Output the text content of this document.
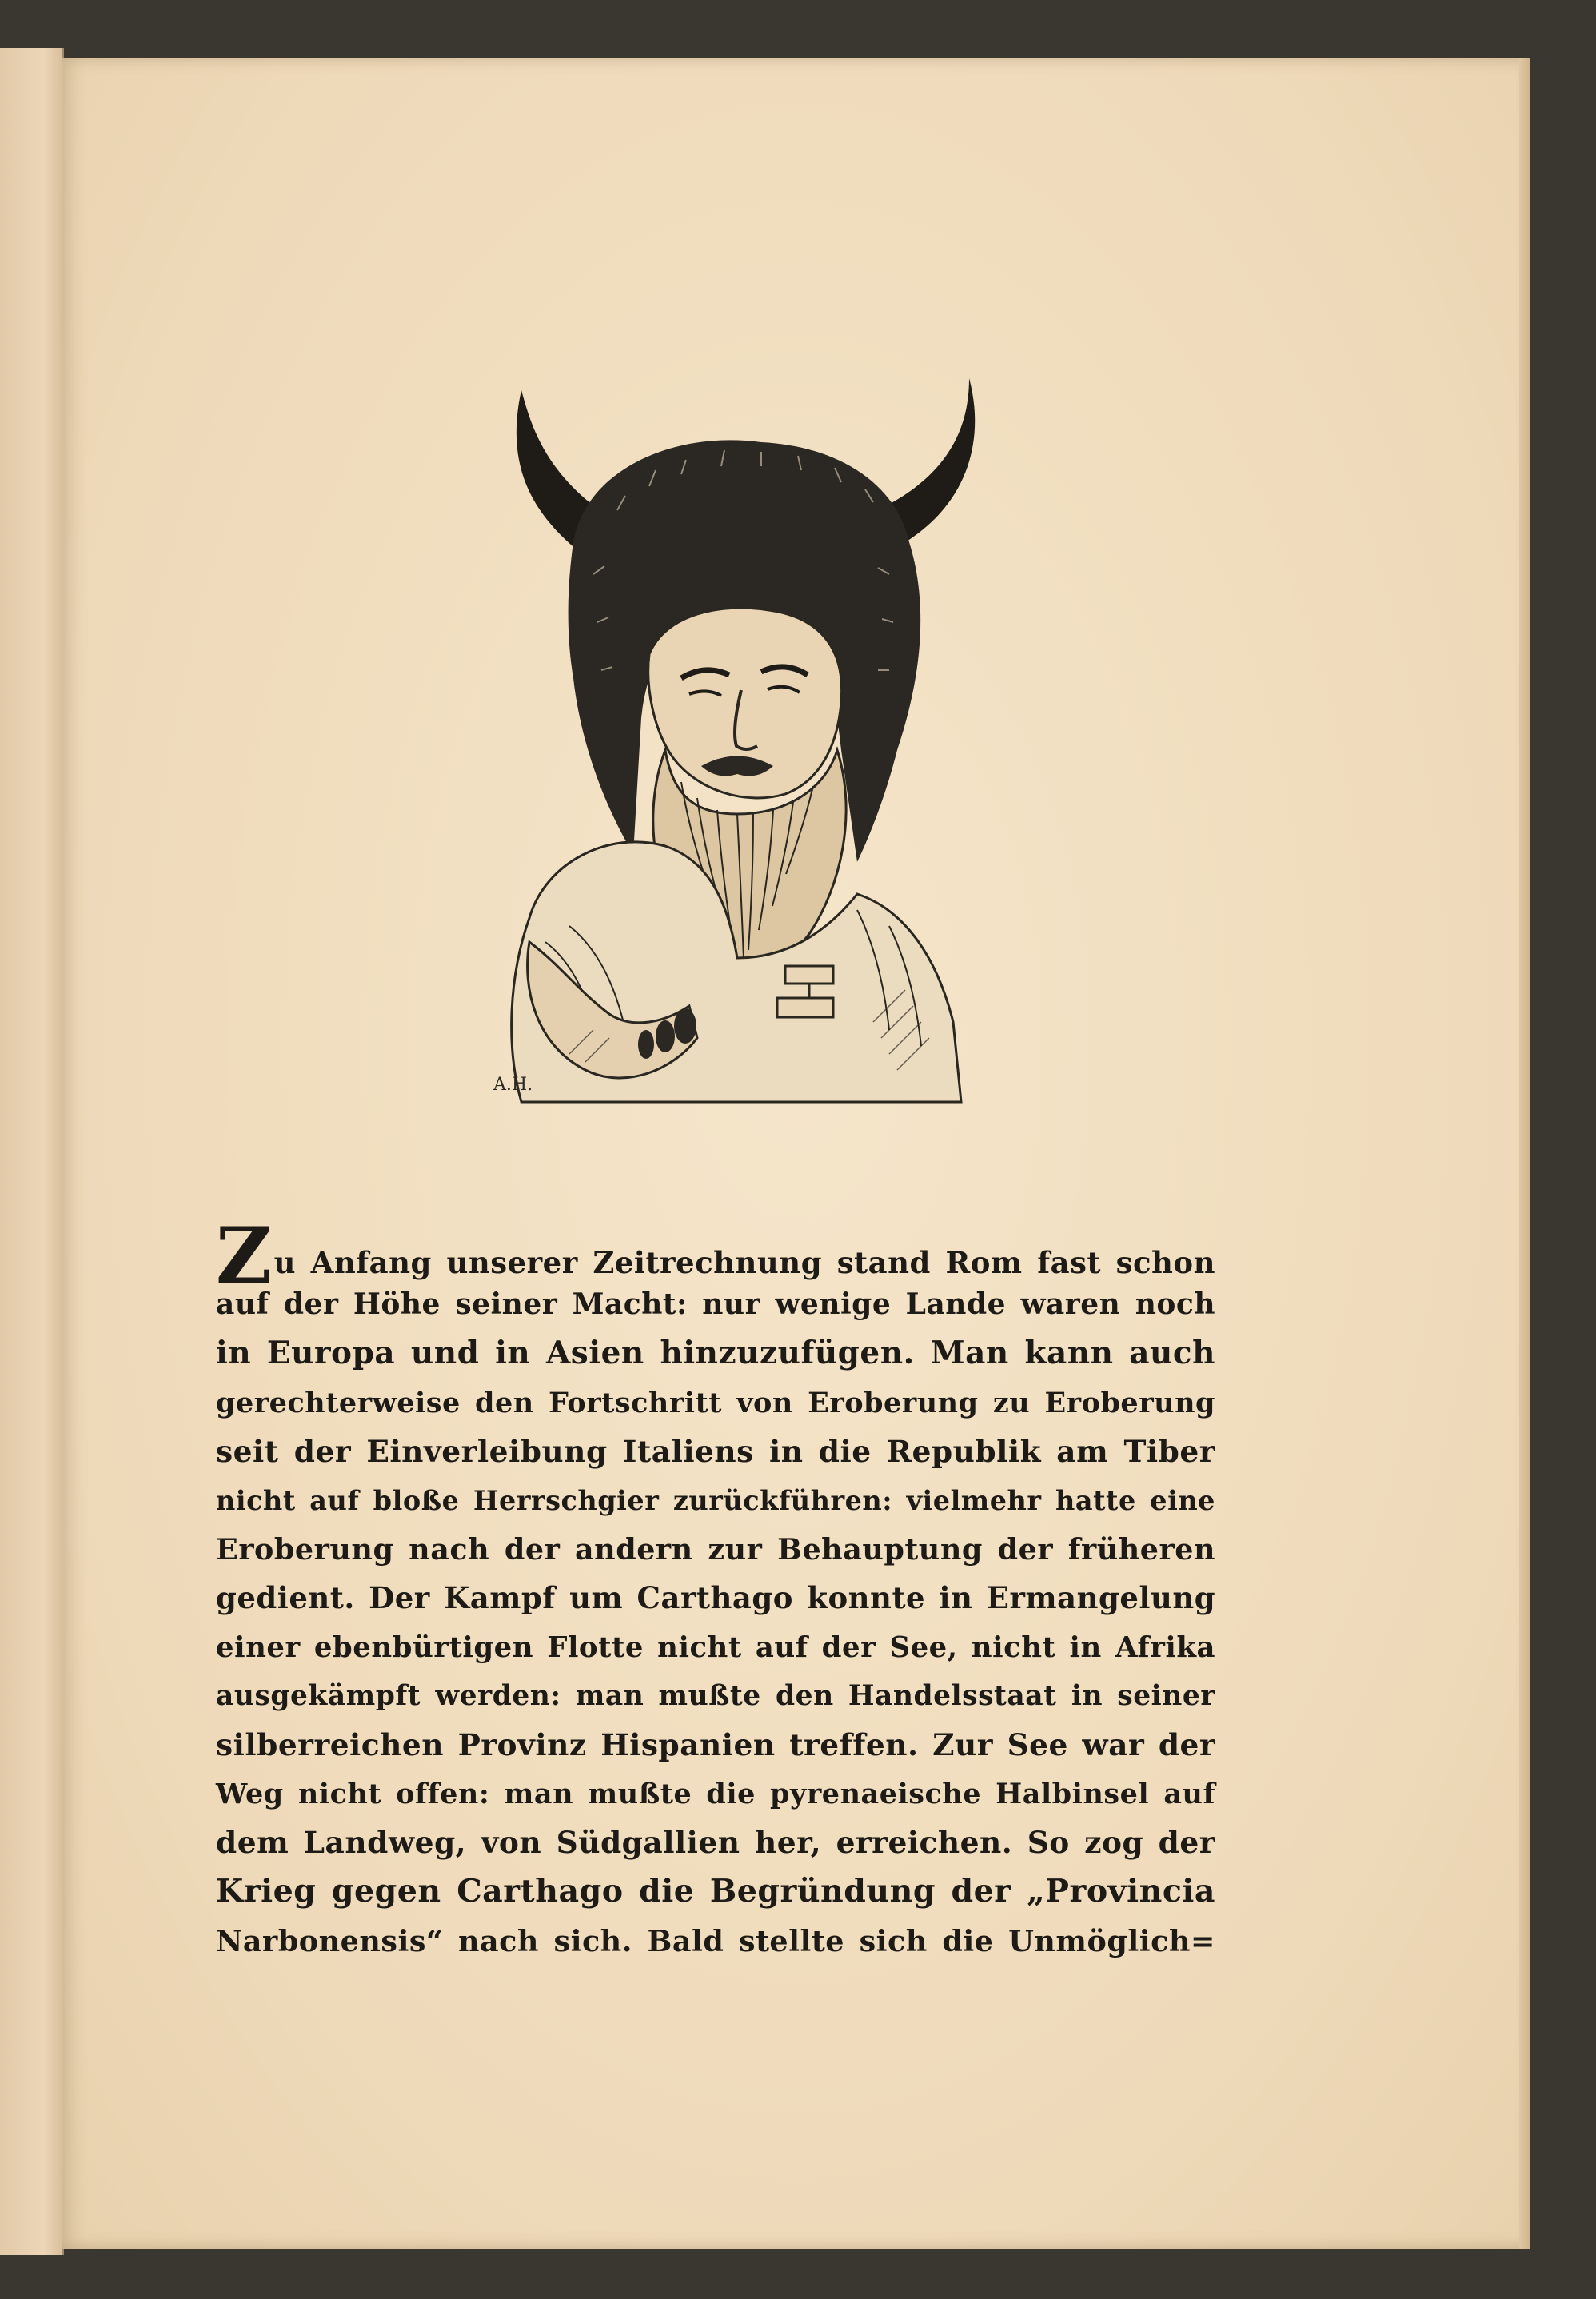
A.H.
Zu Anfang unserer Zeitrechnung stand Rom fast schon
auf der Höhe seiner Macht: nur wenige Lande waren noch
in Europa und in Asien hinzuzufügen. Man kann auch
gerechterweise den Fortschritt von Eroberung zu Eroberung
seit der Einverleibung Italiens in die Republik am Tiber
nicht auf bloße Herrschgier zurückführen: vielmehr hatte eine
Eroberung nach der andern zur Behauptung der früheren
gedient. Der Kampf um Carthago konnte in Ermangelung
einer ebenbürtigen Flotte nicht auf der See, nicht in Afrika
ausgekämpft werden: man mußte den Handelsstaat in seiner
silberreichen Provinz Hispanien treffen. Zur See war der
Weg nicht offen: man mußte die pyrenaeische Halbinsel auf
dem Landweg, von Südgallien her, erreichen. So zog der
Krieg gegen Carthago die Begründung der „Provincia
Narbonensis“ nach sich. Bald stellte sich die Unmöglich=
